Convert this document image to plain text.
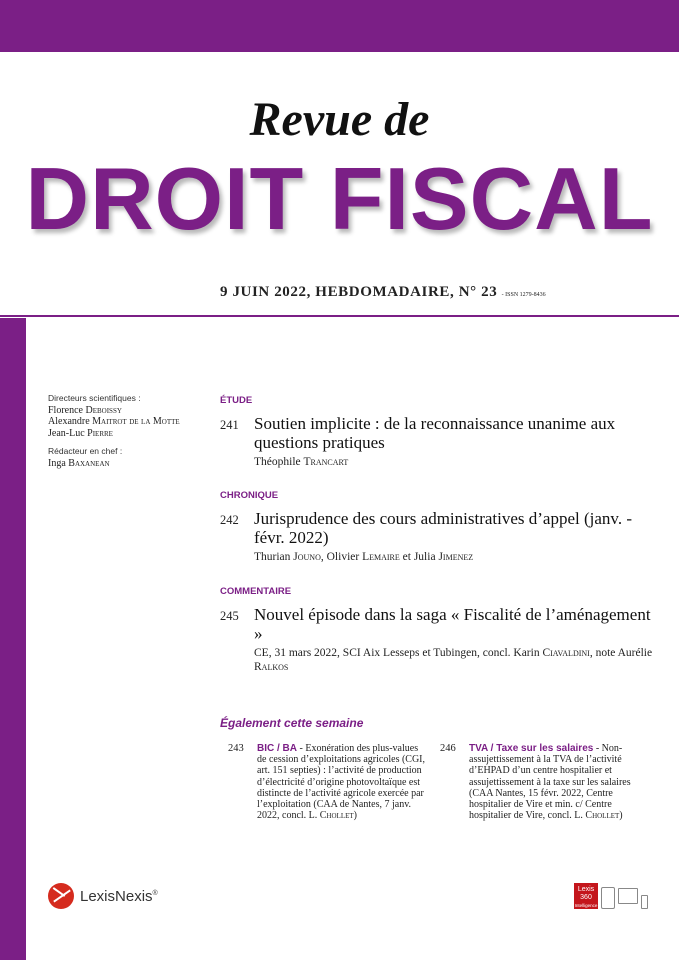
Revue de
DROIT FISCAL
9 JUIN 2022, HEBDOMADAIRE, N° 23 - ISSN 1279-8436
Directeurs scientifiques :
Florence Deboissy
Alexandre Maitrot de la Motte
Jean-Luc Pierre
Rédacteur en chef :
Inga Baxanean
ÉTUDE
241 Soutien implicite : de la reconnaissance unanime aux questions pratiques
Théophile Trancart
CHRONIQUE
242 Jurisprudence des cours administratives d’appel (janv. - févr. 2022)
Thurian Jouno, Olivier Lemaire et Julia Jimenez
COMMENTAIRE
245 Nouvel épisode dans la saga « Fiscalité de l’aménagement »
CE, 31 mars 2022, SCI Aix Lesseps et Tubingen, concl. Karin Ciavaldini, note Aurélie Ralkos
Également cette semaine
243 BIC / BA - Exonération des plus-values de cession d’exploitations agricoles (CGI, art. 151 septies) : l’activité de production d’électricité d’origine photovoltaïque est distincte de l’activité agricole exercée par l’exploitation (CAA de Nantes, 7 janv. 2022, concl. L. Chollet)
246 TVA / Taxe sur les salaires - Non-assujettissement à la TVA de l’activité d’EHPAD d’un centre hospitalier et assujettissement à la taxe sur les salaires (CAA Nantes, 15 févr. 2022, Centre hospitalier de Vire et min. c/ Centre hospitalier de Vire, concl. L. Chollet)
LexisNexis®	Lexis
360
Intelligence
